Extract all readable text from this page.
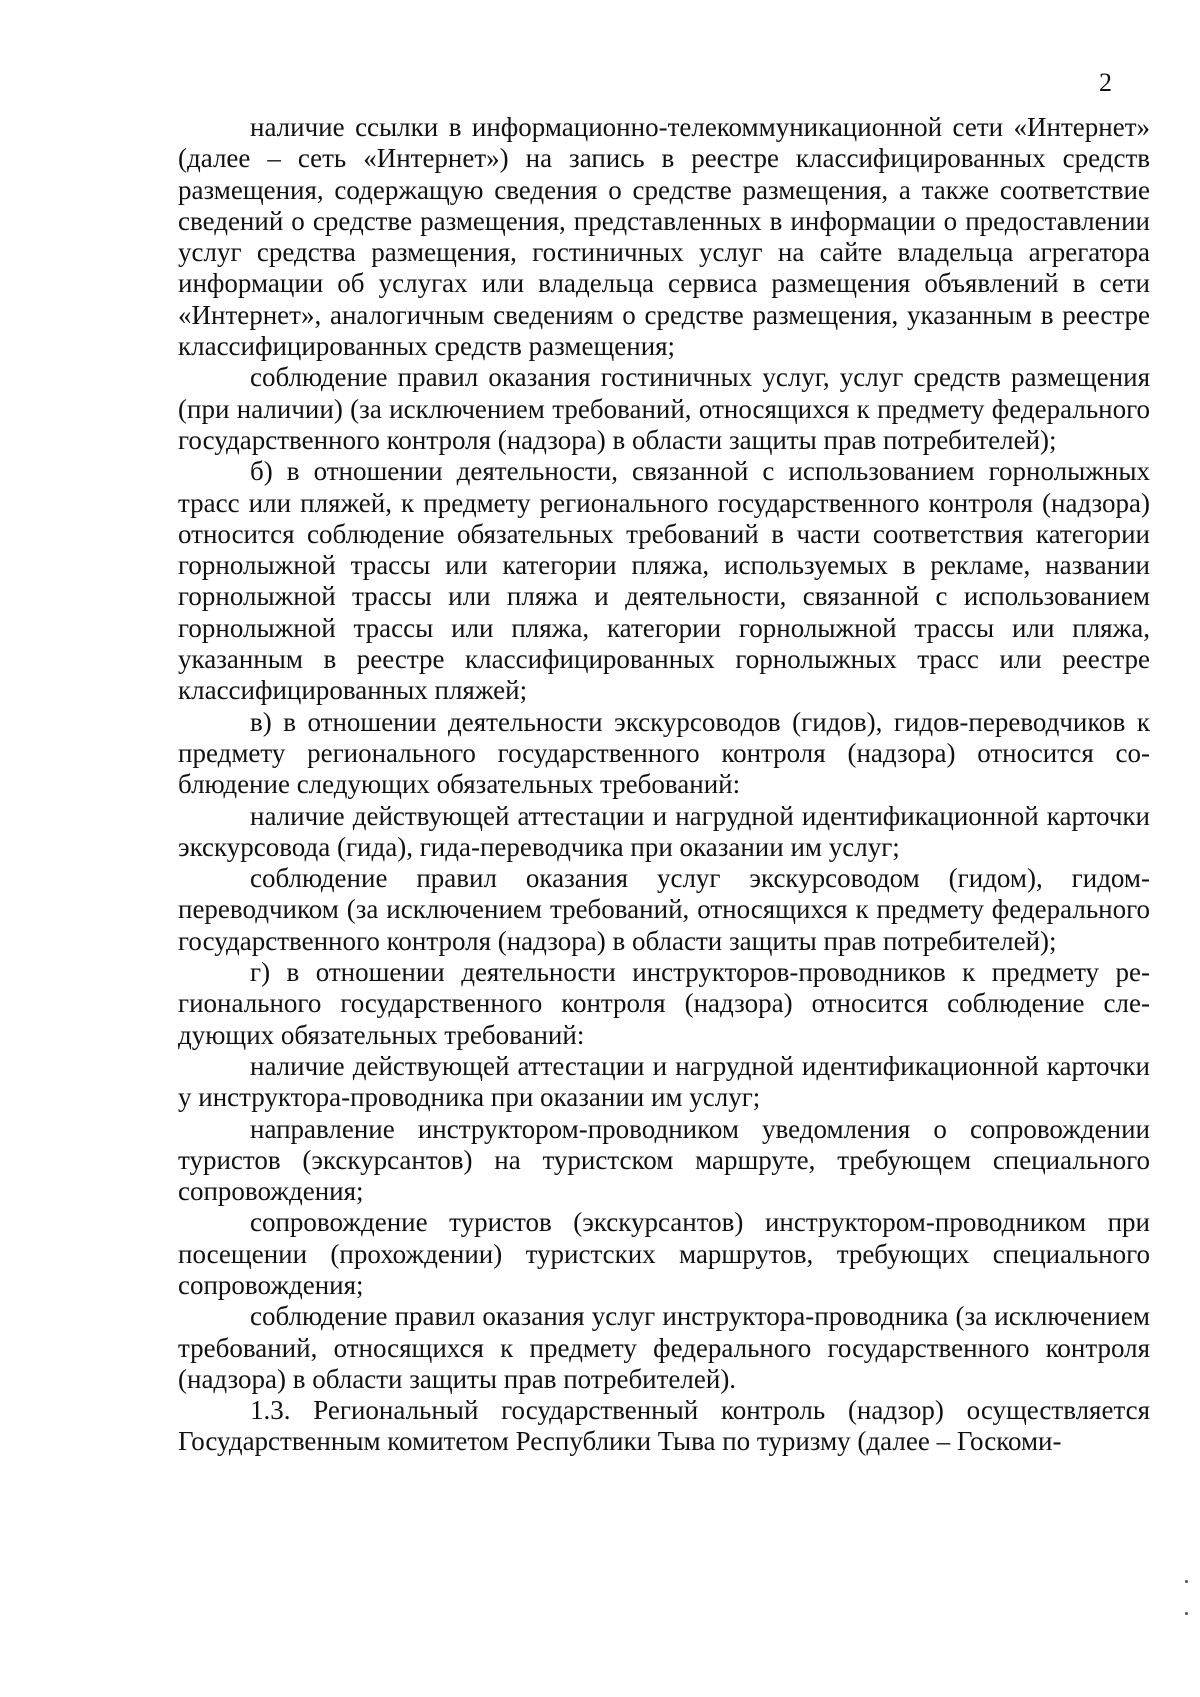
2

наличие ссылки в информационно-телекоммуникационной сети «Интернет» (далее – сеть «Интернет») на запись в реестре классифицированных средств размещения, содержащую сведения о средстве размещения, а также соответствие сведений о средстве размещения, представленных в информации о предоставлении услуг средства размещения, гостиничных услуг на сайте владельца агрегатора информации об услугах или владельца сервиса размещения объявлений в сети «Интернет», аналогичным сведениям о средстве размещения, указанным в реестре классифицированных средств размещения;

соблюдение правил оказания гостиничных услуг, услуг средств размещения (при наличии) (за исключением требований, относящихся к предмету федерального государственного контроля (надзора) в области защиты прав потребителей);

б) в отношении деятельности, связанной с использованием горнолыжных трасс или пляжей, к предмету регионального государственного контроля (надзора) относится соблюдение обязательных требований в части соответствия категории горнолыжной трассы или категории пляжа, используемых в рекламе, названии горнолыжной трассы или пляжа и деятельности, связанной с использованием горнолыжной трассы или пляжа, категории горнолыжной трассы или пляжа, указанным в реестре классифицированных горнолыжных трасс или реестре классифицированных пляжей;

в) в отношении деятельности экскурсоводов (гидов), гидов-переводчиков к предмету регионального государственного контроля (надзора) относится соблюдение следующих обязательных требований:

наличие действующей аттестации и нагрудной идентификационной карточки экскурсовода (гида), гида-переводчика при оказании им услуг;

соблюдение правил оказания услуг экскурсоводом (гидом), гидом-переводчиком (за исключением требований, относящихся к предмету федерального государственного контроля (надзора) в области защиты прав потребителей);

г) в отношении деятельности инструкторов-проводников к предмету регионального государственного контроля (надзора) относится соблюдение следующих обязательных требований:

наличие действующей аттестации и нагрудной идентификационной карточки у инструктора-проводника при оказании им услуг;

направление инструктором-проводником уведомления о сопровождении туристов (экскурсантов) на туристском маршруте, требующем специального сопровождения;

сопровождение туристов (экскурсантов) инструктором-проводником при посещении (прохождении) туристских маршрутов, требующих специального сопровождения;

соблюдение правил оказания услуг инструктора-проводника (за исключением требований, относящихся к предмету федерального государственного контроля (надзора) в области защиты прав потребителей).

1.3. Региональный государственный контроль (надзор) осуществляется Государственным комитетом Республики Тыва по туризму (далее – Госкоми-
